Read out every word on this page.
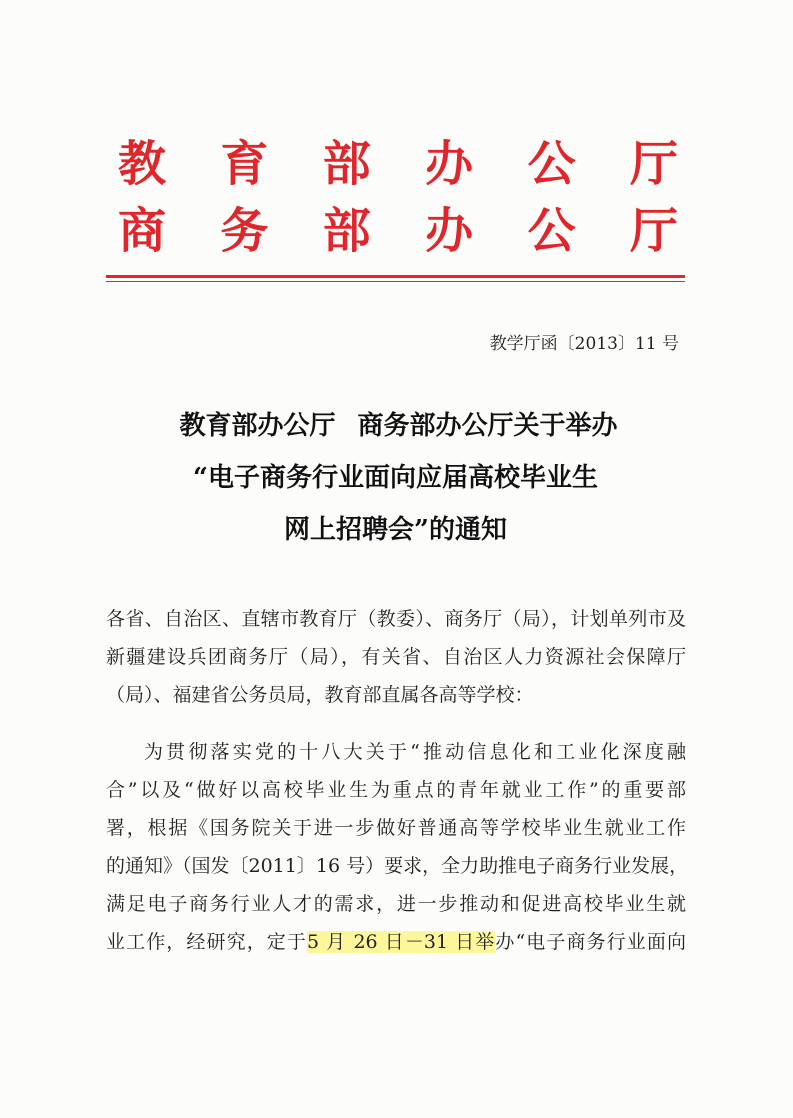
教 育 部 办 公 厅
商 务 部 办 公 厅
教学厅函〔2013〕11 号
教育部办公厅 商务部办公厅关于举办
“电子商务行业面向应届高校毕业生
网上招聘会”的通知
各省、自治区、直辖市教育厅（教委）、商务厅（局），计划单列市及
新疆建设兵团商务厅（局），有关省、自治区人力资源社会保障厅
（局）、福建省公务员局，教育部直属各高等学校：
为贯彻落实党的十八大关于“推动信息化和工业化深度融
合”以及“做好以高校毕业生为重点的青年就业工作”的重要部
署，根据《国务院关于进一步做好普通高等学校毕业生就业工作
的通知》（国发〔2011〕16 号）要求，全力助推电子商务行业发展，
满足电子商务行业人才的需求，进一步推动和促进高校毕业生就
业工作，经研究，定于5 月 26 日－31 日举办“电子商务行业面向
